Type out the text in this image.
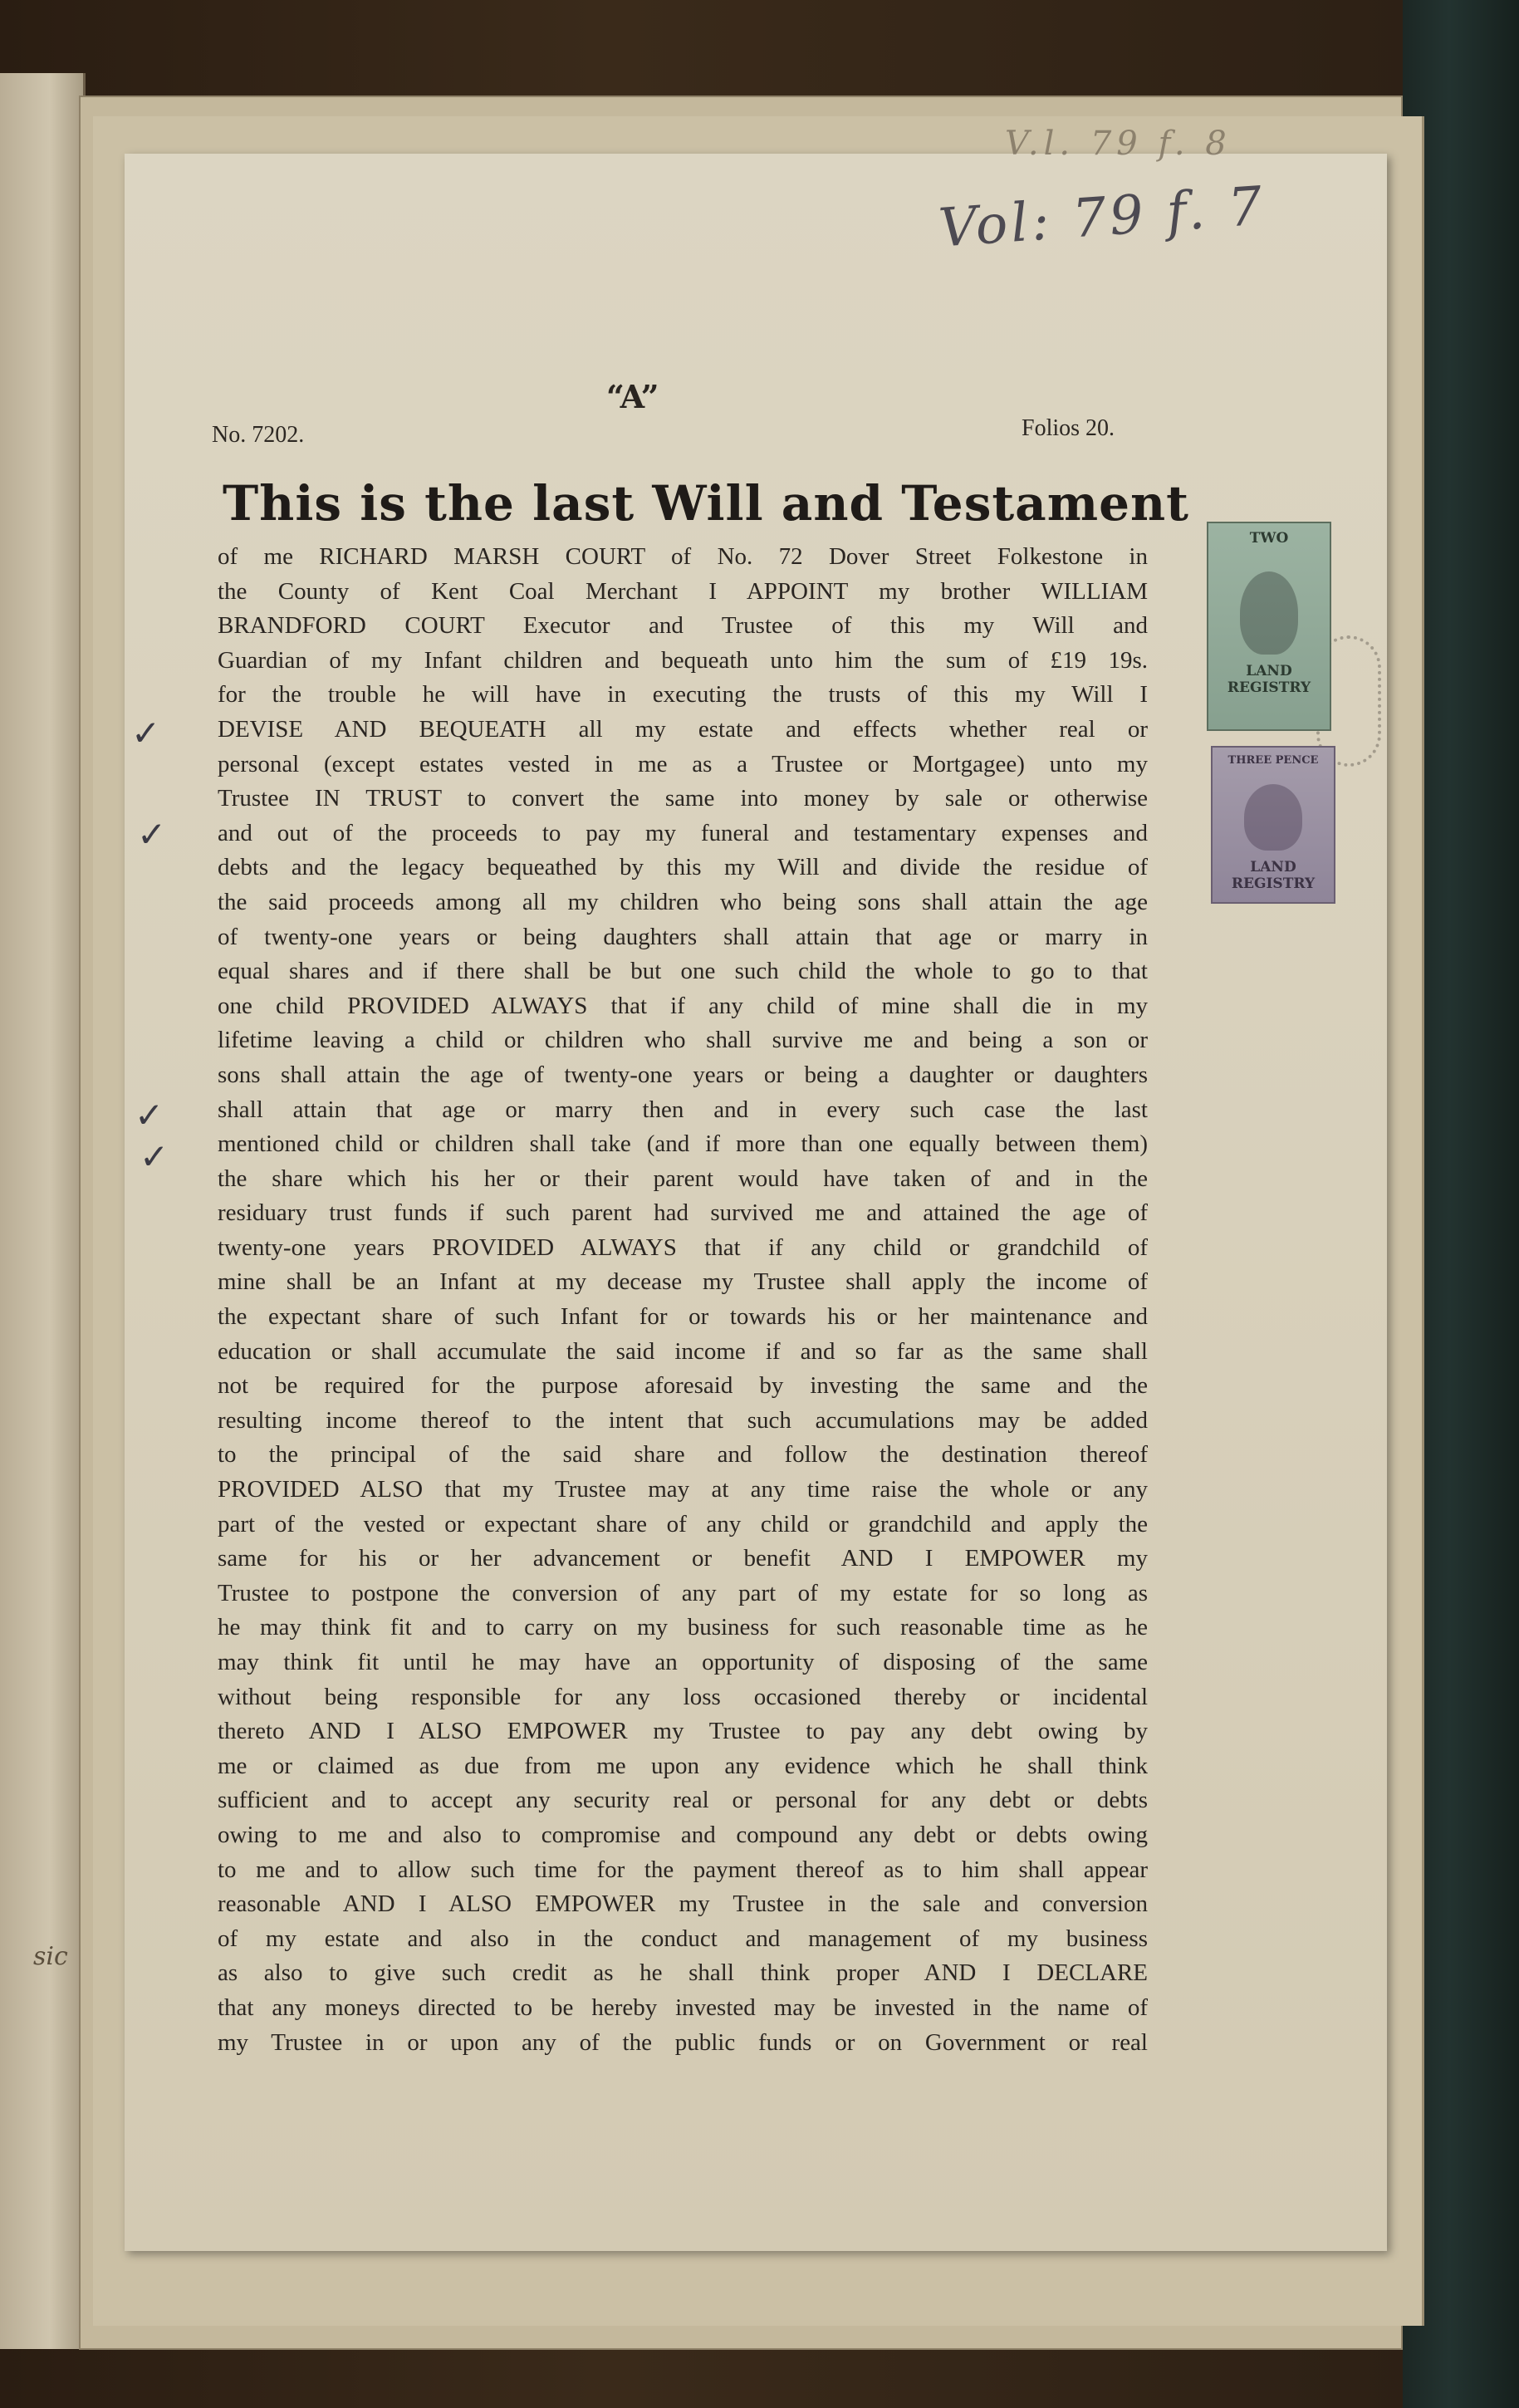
sic
V.l. 79 f. 8
Vol: 79 f. 7
“A”
No. 7202.	Folios 20.
This is the last Will and Testament
of me RICHARD MARSH COURT of No. 72 Dover Street Folkestone in
the County of Kent Coal Merchant I APPOINT my brother WILLIAM
BRANDFORD COURT Executor and Trustee of this my Will and
Guardian of my Infant children and bequeath unto him the sum of £19 19s.
for the trouble he will have in executing the trusts of this my Will I
DEVISE AND BEQUEATH all my estate and effects whether real or
personal (except estates vested in me as a Trustee or Mortgagee) unto my
Trustee IN TRUST to convert the same into money by sale or otherwise
and out of the proceeds to pay my funeral and testamentary expenses and
debts and the legacy bequeathed by this my Will and divide the residue of
the said proceeds among all my children who being sons shall attain the age
of twenty-one years or being daughters shall attain that age or marry in
equal shares and if there shall be but one such child the whole to go to that
one child PROVIDED ALWAYS that if any child of mine shall die in my
lifetime leaving a child or children who shall survive me and being a son or
sons shall attain the age of twenty-one years or being a daughter or daughters
shall attain that age or marry then and in every such case the last
mentioned child or children shall take (and if more than one equally between them)
the share which his her or their parent would have taken of and in the
residuary trust funds if such parent had survived me and attained the age of
twenty-one years PROVIDED ALWAYS that if any child or grandchild of
mine shall be an Infant at my decease my Trustee shall apply the income of
the expectant share of such Infant for or towards his or her maintenance and
education or shall accumulate the said income if and so far as the same shall
not be required for the purpose aforesaid by investing the same and the
resulting income thereof to the intent that such accumulations may be added
to the principal of the said share and follow the destination thereof
PROVIDED ALSO that my Trustee may at any time raise the whole or any
part of the vested or expectant share of any child or grandchild and apply the
same for his or her advancement or benefit AND I EMPOWER my
Trustee to postpone the conversion of any part of my estate for so long as
he may think fit and to carry on my business for such reasonable time as he
may think fit until he may have an opportunity of disposing of the same
without being responsible for any loss occasioned thereby or incidental
thereto AND I ALSO EMPOWER my Trustee to pay any debt owing by
me or claimed as due from me upon any evidence which he shall think
sufficient and to accept any security real or personal for any debt or debts
owing to me and also to compromise and compound any debt or debts owing
to me and to allow such time for the payment thereof as to him shall appear
reasonable AND I ALSO EMPOWER my Trustee in the sale and conversion
of my estate and also in the conduct and management of my business
as also to give such credit as he shall think proper AND I DECLARE
that any moneys directed to be hereby invested may be invested in the name of
my Trustee in or upon any of the public funds or on Government or real
✓
✓
✓
✓
TWO
LAND
REGISTRY
THREE PENCE
LAND
REGISTRY
